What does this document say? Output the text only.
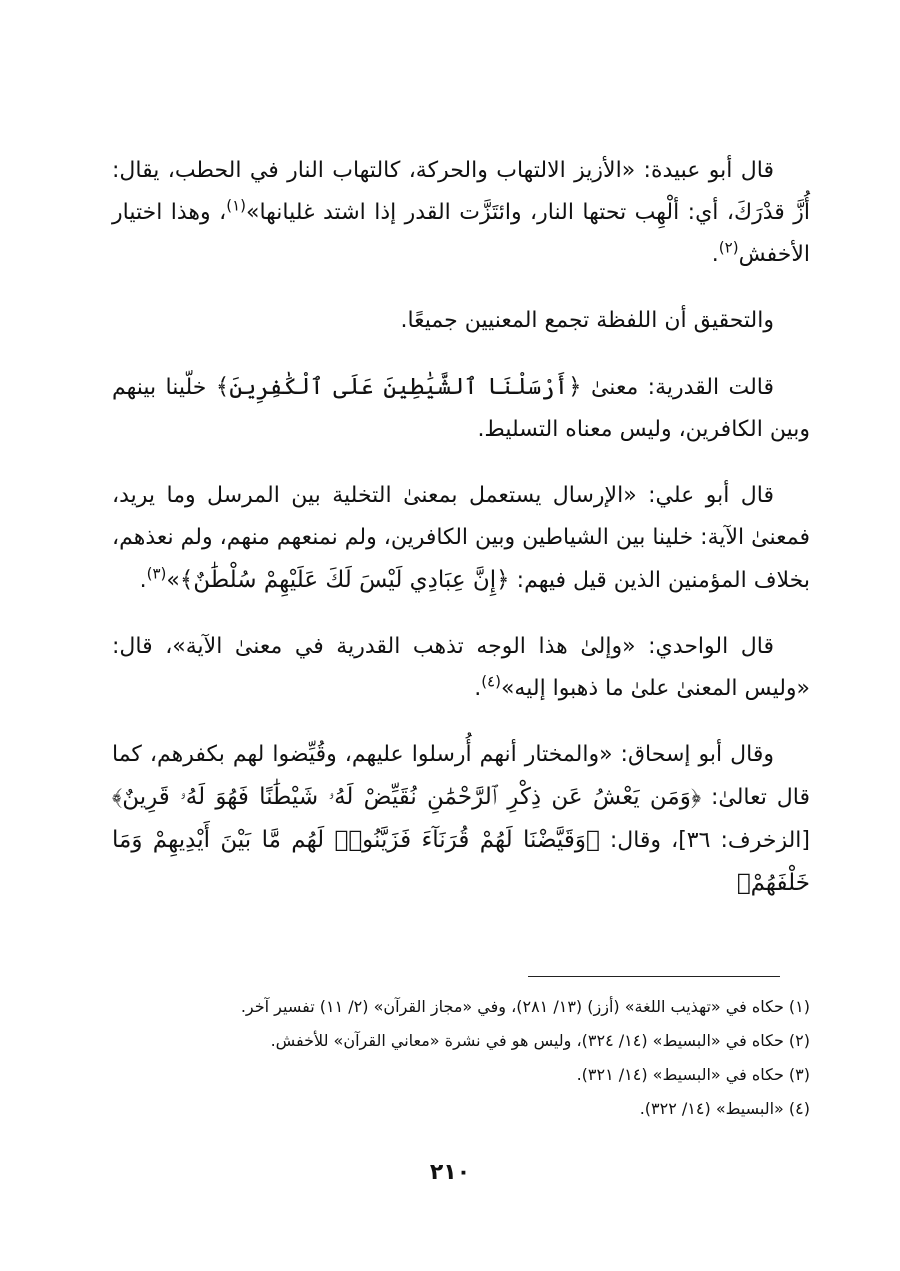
قال أبو عبيدة: «الأزيز الالتهاب والحركة، كالتهاب النار في الحطب، يقال: أُزَّ قدْرَكَ، أي: ألْهِب تحتها النار، وائتَزَّت القدر إذا اشتد غليانها»$^{(١)}$، وهذا اختيار الأخفش$^{(٢)}$.

والتحقيق أن اللفظة تجمع المعنيين جميعًا.

قالت القدرية: معنىٰ ﴿أَرْسَلْنَا ٱلشَّيَٰطِينَ عَلَى ٱلْكَٰفِرِينَ﴾ خلّينا بينهم وبين الكافرين، وليس معناه التسليط.

قال أبو علي: «الإرسال يستعمل بمعنىٰ التخلية بين المرسل وما يريد، فمعنىٰ الآية: خلينا بين الشياطين وبين الكافرين، ولم نمنعهم منهم، ولم نعذهم، بخلاف المؤمنين الذين قيل فيهم: ﴿إِنَّ عِبَادِي لَيْسَ لَكَ عَلَيْهِمْ سُلْطَٰنٌ﴾»$^{(٣)}$.

قال الواحدي: «وإلىٰ هذا الوجه تذهب القدرية في معنىٰ الآية»، قال: «وليس المعنىٰ علىٰ ما ذهبوا إليه»$^{(٤)}$.

وقال أبو إسحاق: «والمختار أنهم أُرسلوا عليهم، وقُيِّضوا لهم بكفرهم، كما قال تعالىٰ: ﴿وَمَن يَعْشُ عَن ذِكْرِ ٱلرَّحْمَٰنِ نُقَيِّضْ لَهُۥ شَيْطَٰنًا فَهُوَ لَهُۥ قَرِينٌ﴾ [الزخرف: ٣٦]، وقال: ﴿وَقَيَّضْنَا لَهُمْ قُرَنَآءَ فَزَيَّنُوا۟ لَهُم مَّا بَيْنَ أَيْدِيهِمْ وَمَا خَلْفَهُمْ﴾

(١) حكاه في «تهذيب اللغة» (أزز) (١٣/ ٢٨١)، وفي «مجاز القرآن» (٢/ ١١) تفسير آخر.
(٢) حكاه في «البسيط» (١٤/ ٣٢٤)، وليس هو في نشرة «معاني القرآن» للأخفش.
(٣) حكاه في «البسيط» (١٤/ ٣٢١).
(٤) «البسيط» (١٤/ ٣٢٢).
٢١٠
